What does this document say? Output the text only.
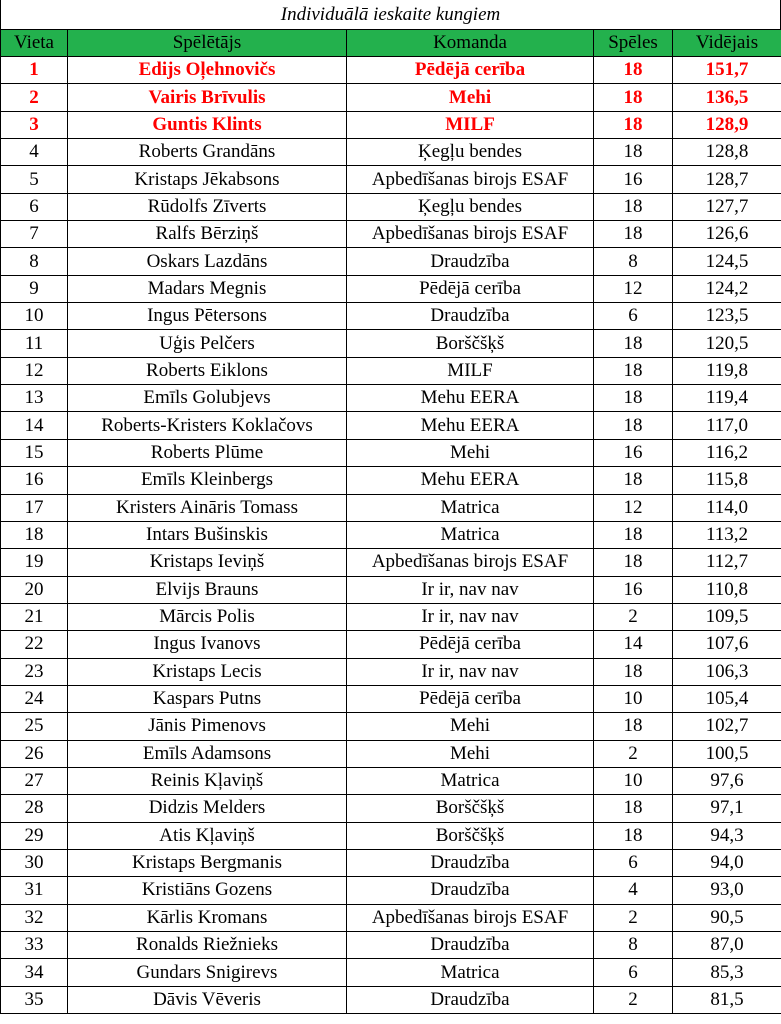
Individuālā ieskaite kungiem
Vieta	Spēlētājs	Komanda	Spēles	Vidējais
1	Edijs Oļehnovičs	Pēdējā cerība	18	151,7
2	Vairis Brīvulis	Mehi	18	136,5
3	Guntis Klints	MILF	18	128,9
4	Roberts Grandāns	Ķegļu bendes	18	128,8
5	Kristaps Jēkabsons	Apbedīšanas birojs ESAF	16	128,7
6	Rūdolfs Zīverts	Ķegļu bendes	18	127,7
7	Ralfs Bērziņš	Apbedīšanas birojs ESAF	18	126,6
8	Oskars Lazdāns	Draudzība	8	124,5
9	Madars Megnis	Pēdējā cerība	12	124,2
10	Ingus Pētersons	Draudzība	6	123,5
11	Uģis Pelčers	Borščšķš	18	120,5
12	Roberts Eiklons	MILF	18	119,8
13	Emīls Golubjevs	Mehu EERA	18	119,4
14	Roberts-Kristers Koklačovs	Mehu EERA	18	117,0
15	Roberts Plūme	Mehi	16	116,2
16	Emīls Kleinbergs	Mehu EERA	18	115,8
17	Kristers Aināris Tomass	Matrica	12	114,0
18	Intars Bušinskis	Matrica	18	113,2
19	Kristaps Ieviņš	Apbedīšanas birojs ESAF	18	112,7
20	Elvijs Brauns	Ir ir, nav nav	16	110,8
21	Mārcis Polis	Ir ir, nav nav	2	109,5
22	Ingus Ivanovs	Pēdējā cerība	14	107,6
23	Kristaps Lecis	Ir ir, nav nav	18	106,3
24	Kaspars Putns	Pēdējā cerība	10	105,4
25	Jānis Pimenovs	Mehi	18	102,7
26	Emīls Adamsons	Mehi	2	100,5
27	Reinis Kļaviņš	Matrica	10	97,6
28	Didzis Melders	Borščšķš	18	97,1
29	Atis Kļaviņš	Borščšķš	18	94,3
30	Kristaps Bergmanis	Draudzība	6	94,0
31	Kristiāns Gozens	Draudzība	4	93,0
32	Kārlis Kromans	Apbedīšanas birojs ESAF	2	90,5
33	Ronalds Riežnieks	Draudzība	8	87,0
34	Gundars Snigirevs	Matrica	6	85,3
35	Dāvis Vēveris	Draudzība	2	81,5
